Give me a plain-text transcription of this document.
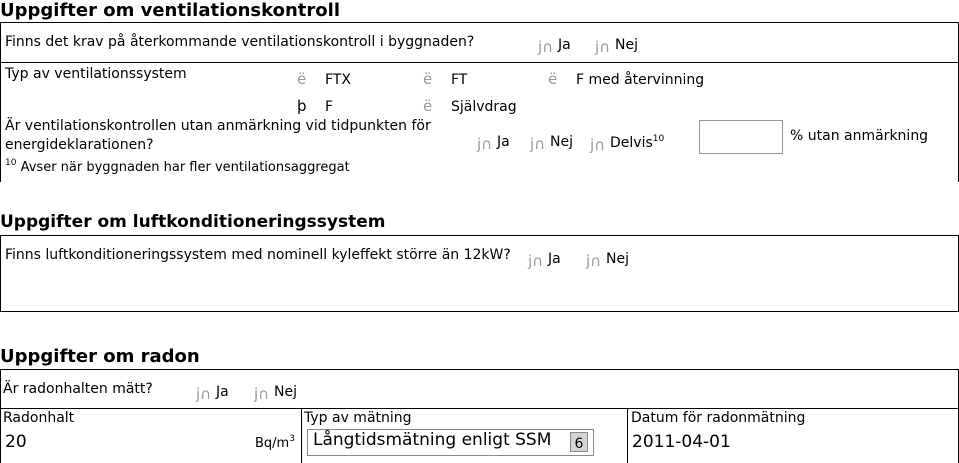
Uppgifter om ventilationskontroll
Finns det krav på återkommande ventilationskontroll i byggnaden?	j∩ Ja j∩ Nej
Typ av ventilationssystem	ë FTX	ë FT	ë F med återvinning
þ F	ë Självdrag
Är ventilationskontrollen utan anmärkning vid tidpunkten för
energideklarationen?	j∩ Ja j∩ Nej j∩ Delvis$^{10}$	% utan anmärkning
$^{10}$ Avser när byggnaden har fler ventilationsaggregat
Uppgifter om luftkonditioneringssystem
Finns luftkonditioneringssystem med nominell kyleffekt större än 12kW? j∩ Ja j∩ Nej
Uppgifter om radon
Är radonhalten mätt?	j∩ Ja j∩ Nej
Radonhalt
20	$Bq/m^3$
Typ av mätning
Långtidsmätning enligt SSM	6
Datum för radonmätning
2011-04-01
